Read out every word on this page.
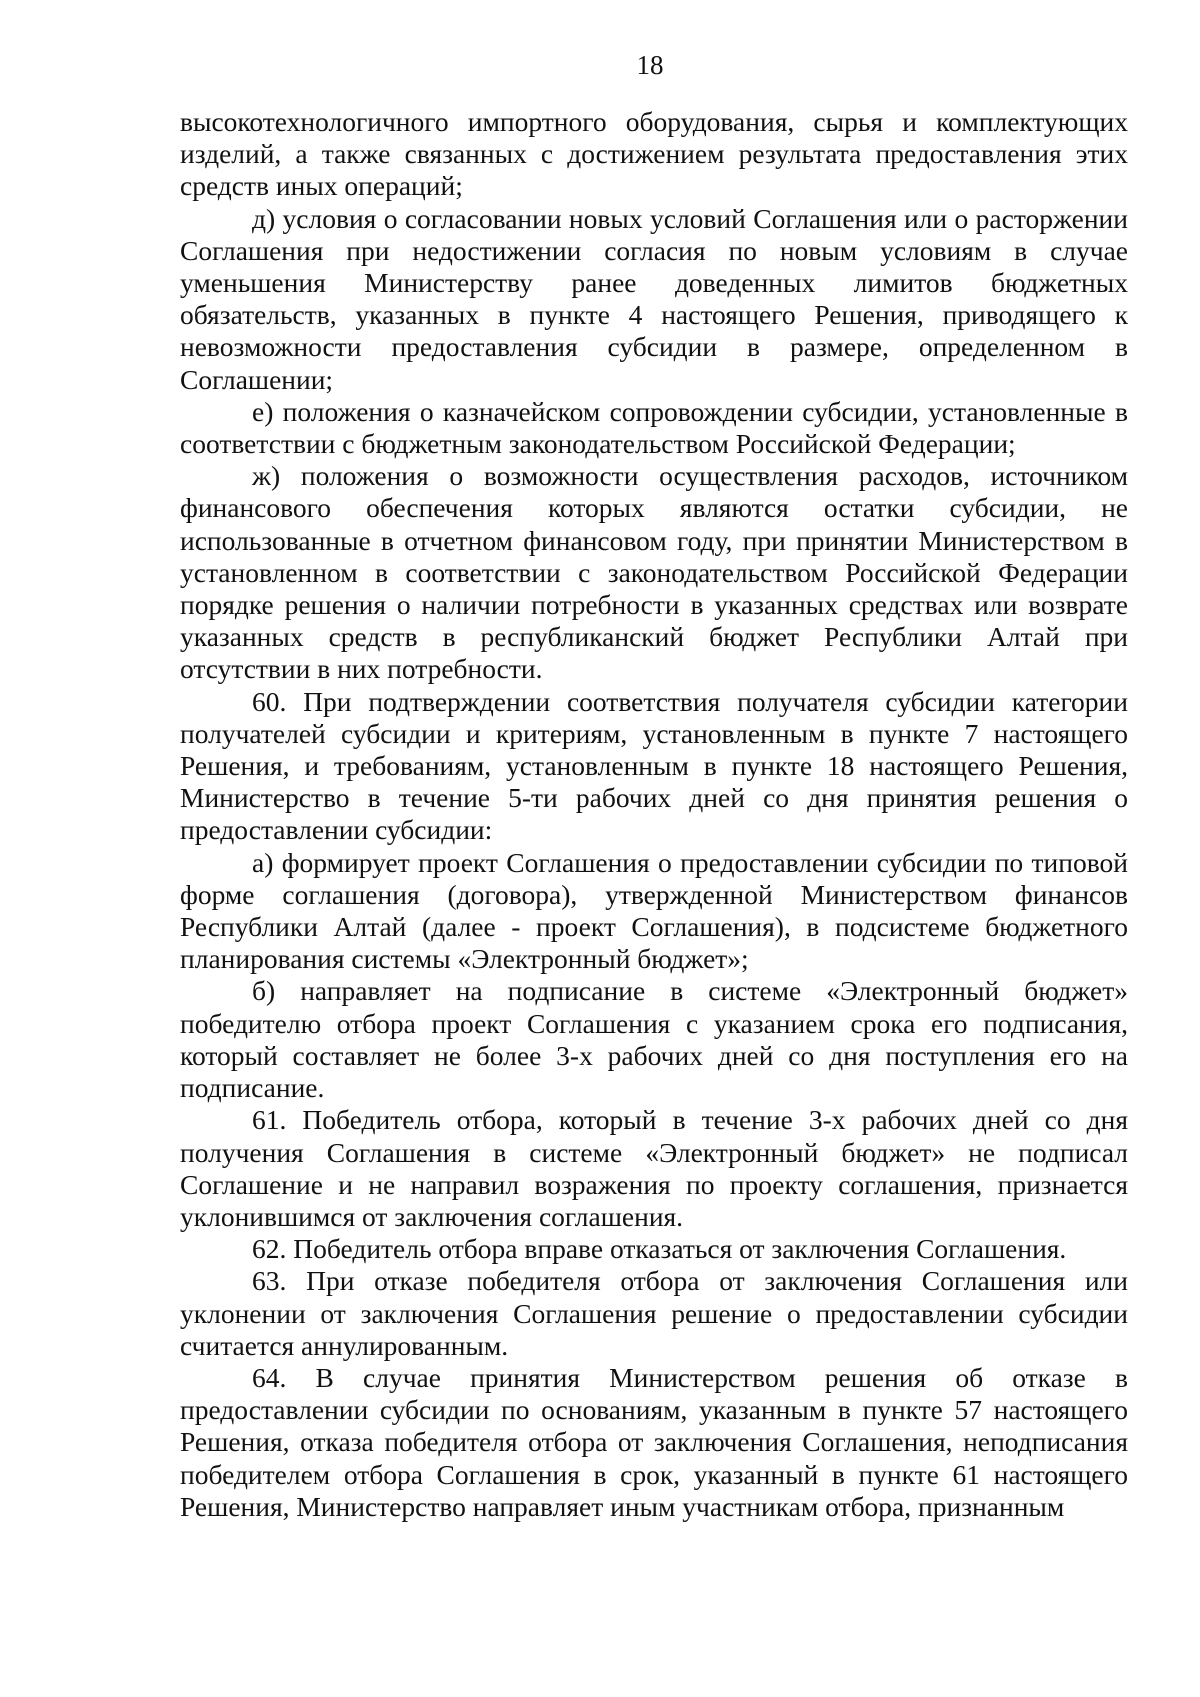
18

высокотехнологичного импортного оборудования, сырья и комплектующих изделий, а также связанных с достижением результата предоставления этих средств иных операций;

д) условия о согласовании новых условий Соглашения или о расторжении Соглашения при недостижении согласия по новым условиям в случае уменьшения Министерству ранее доведенных лимитов бюджетных обязательств, указанных в пункте 4 настоящего Решения, приводящего к невозможности предоставления субсидии в размере, определенном в Соглашении;

е) положения о казначейском сопровождении субсидии, установленные в соответствии с бюджетным законодательством Российской Федерации;

ж) положения о возможности осуществления расходов, источником финансового обеспечения которых являются остатки субсидии, не использованные в отчетном финансовом году, при принятии Министерством в установленном в соответствии с законодательством Российской Федерации порядке решения о наличии потребности в указанных средствах или возврате указанных средств в республиканский бюджет Республики Алтай при отсутствии в них потребности.

60. При подтверждении соответствия получателя субсидии категории получателей субсидии и критериям, установленным в пункте 7 настоящего Решения, и требованиям, установленным в пункте 18 настоящего Решения, Министерство в течение 5-ти рабочих дней со дня принятия решения о предоставлении субсидии:

а) формирует проект Соглашения о предоставлении субсидии по типовой форме соглашения (договора), утвержденной Министерством финансов Республики Алтай (далее - проект Соглашения), в подсистеме бюджетного планирования системы «Электронный бюджет»;

б) направляет на подписание в системе «Электронный бюджет» победителю отбора проект Соглашения с указанием срока его подписания, который составляет не более 3-х рабочих дней со дня поступления его на подписание.

61. Победитель отбора, который в течение 3-х рабочих дней со дня получения Соглашения в системе «Электронный бюджет» не подписал Соглашение и не направил возражения по проекту соглашения, признается уклонившимся от заключения соглашения.

62. Победитель отбора вправе отказаться от заключения Соглашения.

63. При отказе победителя отбора от заключения Соглашения или уклонении от заключения Соглашения решение о предоставлении субсидии считается аннулированным.

64. В случае принятия Министерством решения об отказе в предоставлении субсидии по основаниям, указанным в пункте 57 настоящего Решения, отказа победителя отбора от заключения Соглашения, неподписания победителем отбора Соглашения в срок, указанный в пункте 61 настоящего Решения, Министерство направляет иным участникам отбора, признанным
